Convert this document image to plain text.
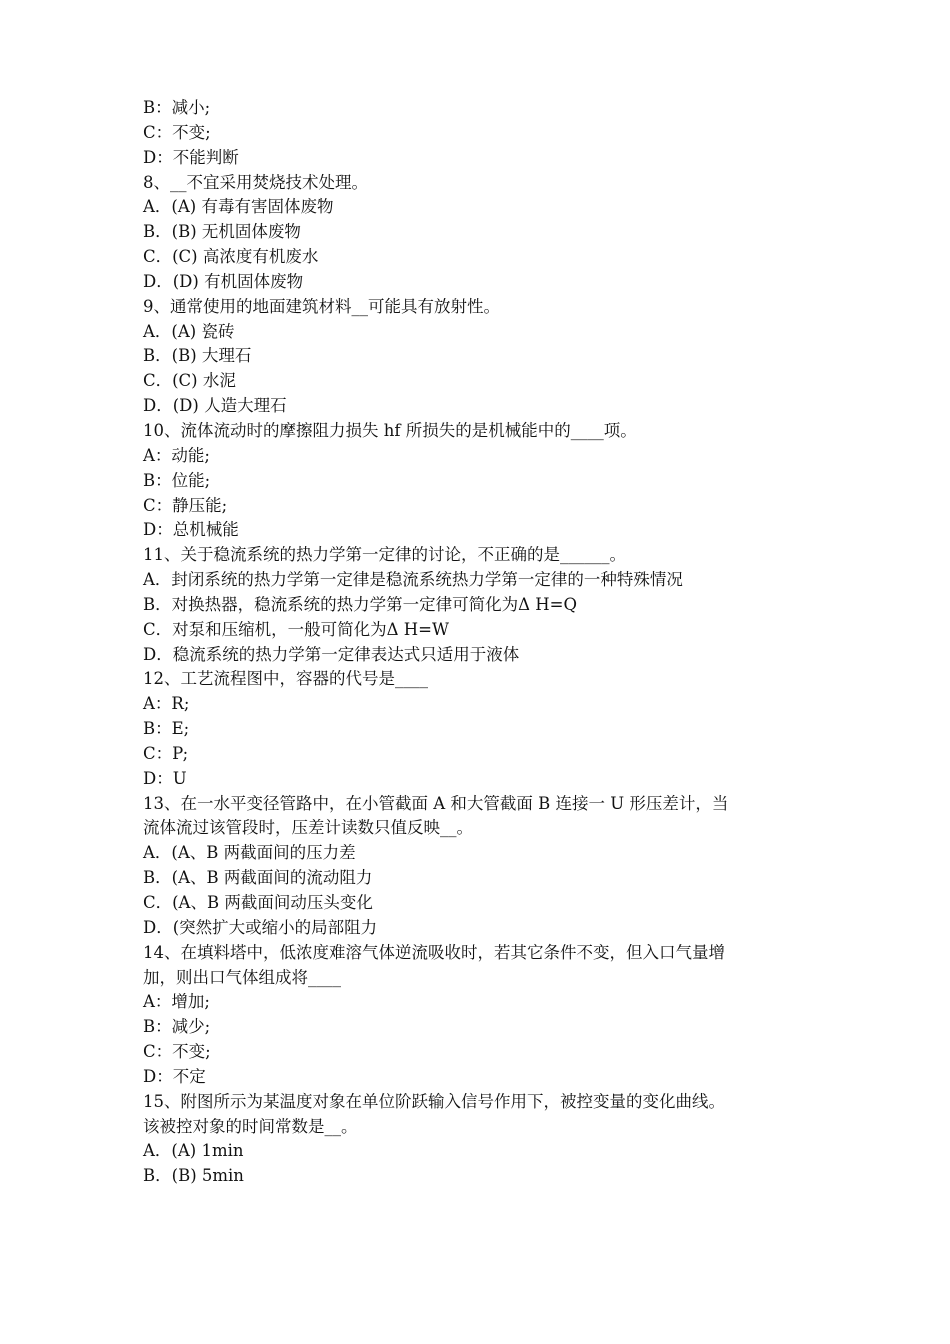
B：减小;
C：不变;
D：不能判断
8、__不宜采用焚烧技术处理。
A．(A) 有毒有害固体废物
B．(B) 无机固体废物
C．(C) 高浓度有机废水
D．(D) 有机固体废物
9、通常使用的地面建筑材料__可能具有放射性。
A．(A) 瓷砖
B．(B) 大理石
C．(C) 水泥
D．(D) 人造大理石
10、流体流动时的摩擦阻力损失 hf 所损失的是机械能中的____项。
A：动能;
B：位能;
C：静压能;
D：总机械能
11、关于稳流系统的热力学第一定律的讨论，不正确的是______。
A．封闭系统的热力学第一定律是稳流系统热力学第一定律的一种特殊情况
B．对换热器，稳流系统的热力学第一定律可简化为Δ H=Q
C．对泵和压缩机，一般可简化为Δ H=W
D．稳流系统的热力学第一定律表达式只适用于液体
12、工艺流程图中，容器的代号是____
A：R;
B：E;
C：P;
D：U
13、在一水平变径管路中，在小管截面 A 和大管截面 B 连接一 U 形压差计，当
流体流过该管段时，压差计读数只值反映__。
A．(A、B 两截面间的压力差
B．(A、B 两截面间的流动阻力
C．(A、B 两截面间动压头变化
D．(突然扩大或缩小的局部阻力
14、在填料塔中，低浓度难溶气体逆流吸收时，若其它条件不变，但入口气量增
加，则出口气体组成将____
A：增加;
B：减少;
C：不变;
D：不定
15、附图所示为某温度对象在单位阶跃输入信号作用下，被控变量的变化曲线。
该被控对象的时间常数是__。
A．(A) 1min
B．(B) 5min
